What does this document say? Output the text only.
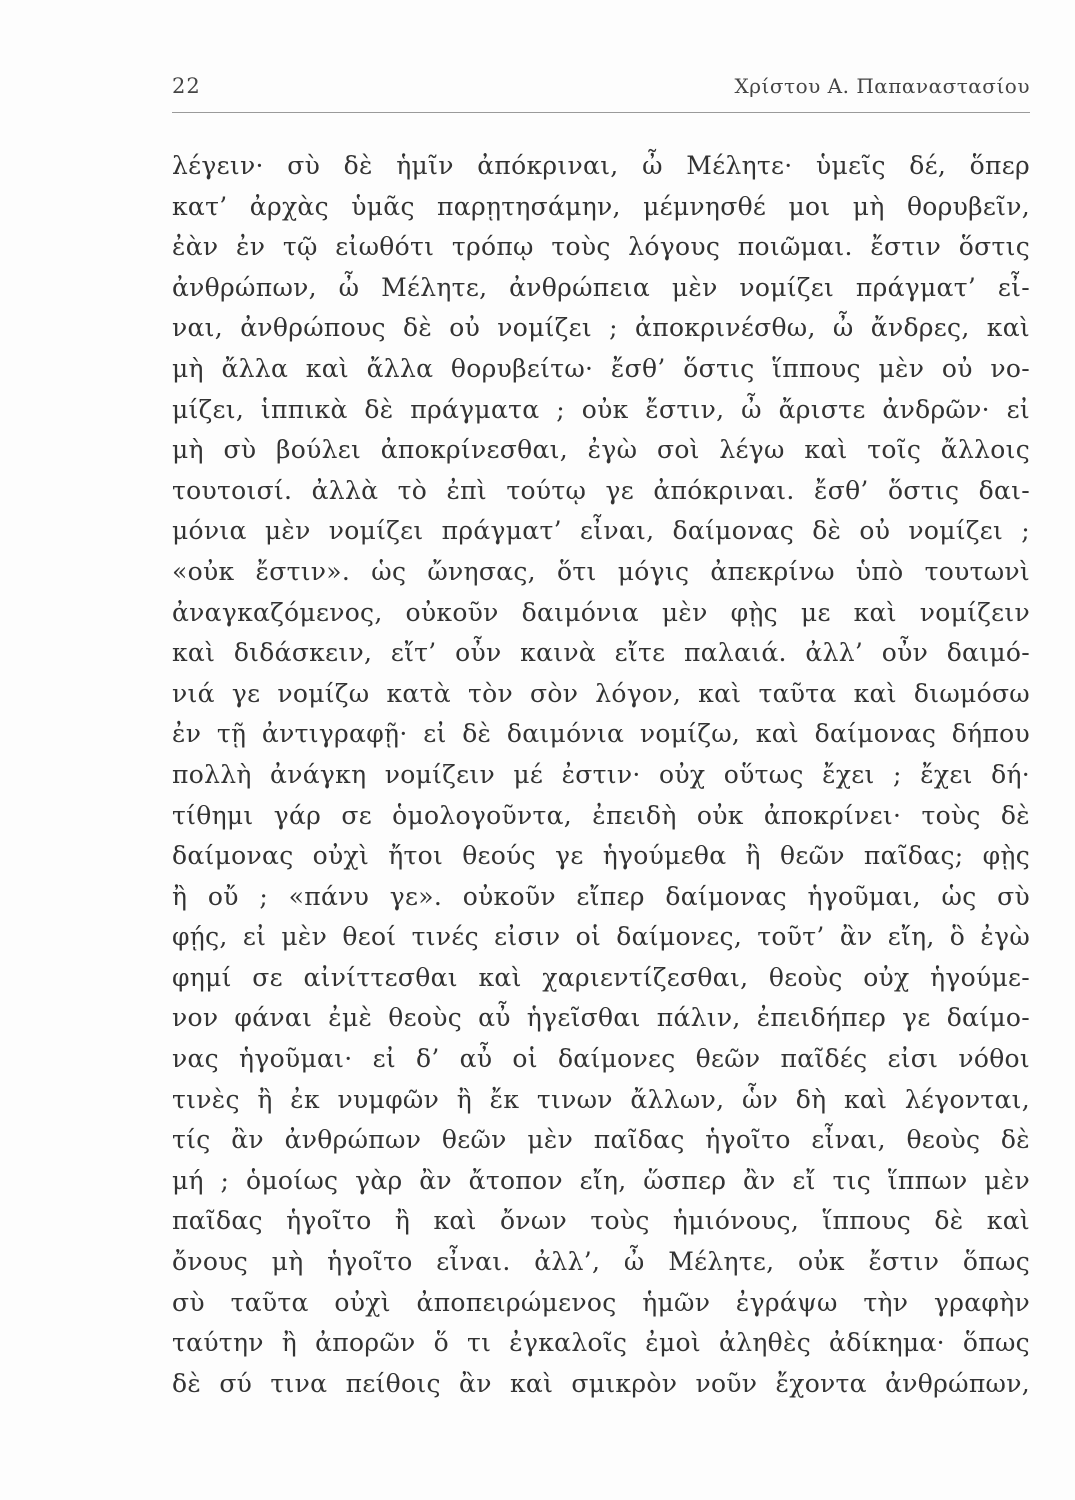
22	Χρίστου Α. Παπαναστασίου
λέγειν· σὺ δὲ ἡμῖν ἀπόκριναι, ὦ Μέλητε· ὑμεῖς δέ, ὅπερ
κατ’ ἀρχὰς ὑμᾶς παρῃτησάμην, μέμνησθέ μοι μὴ θορυβεῖν,
ἐὰν ἐν τῷ εἰωθότι τρόπῳ τοὺς λόγους ποιῶμαι. ἔστιν ὅστις
ἀνθρώπων, ὦ Μέλητε, ἀνθρώπεια μὲν νομίζει πράγματ’ εἶ-
ναι, ἀνθρώπους δὲ οὐ νομίζει ; ἀποκρινέσθω, ὦ ἄνδρες, καὶ
μὴ ἄλλα καὶ ἄλλα θορυβείτω· ἔσθ’ ὅστις ἵππους μὲν οὐ νο-
μίζει, ἱππικὰ δὲ πράγματα ; οὐκ ἔστιν, ὦ ἄριστε ἀνδρῶν· εἰ
μὴ σὺ βούλει ἀποκρίνεσθαι, ἐγὼ σοὶ λέγω καὶ τοῖς ἄλλοις
τουτοισί. ἀλλὰ τὸ ἐπὶ τούτῳ γε ἀπόκριναι. ἔσθ’ ὅστις δαι-
μόνια μὲν νομίζει πράγματ’ εἶναι, δαίμονας δὲ οὐ νομίζει ;
«οὐκ ἔστιν». ὡς ὤνησας, ὅτι μόγις ἀπεκρίνω ὑπὸ τουτωνὶ
ἀναγκαζόμενος, οὐκοῦν δαιμόνια μὲν φῂς με καὶ νομίζειν
καὶ διδάσκειν, εἴτ’ οὖν καινὰ εἴτε παλαιά. ἀλλ’ οὖν δαιμό-
νιά γε νομίζω κατὰ τὸν σὸν λόγον, καὶ ταῦτα καὶ διωμόσω
ἐν τῇ ἀντιγραφῇ· εἰ δὲ δαιμόνια νομίζω, καὶ δαίμονας δήπου
πολλὴ ἀνάγκη νομίζειν μέ ἐστιν· οὐχ οὕτως ἔχει ; ἔχει δή·
τίθημι γάρ σε ὁμολογοῦντα, ἐπειδὴ οὐκ ἀποκρίνει· τοὺς δὲ
δαίμονας οὐχὶ ἤτοι θεούς γε ἡγούμεθα ἢ θεῶν παῖδας; φῂς
ἢ οὔ ; «πάνυ γε». οὐκοῦν εἴπερ δαίμονας ἡγοῦμαι, ὡς σὺ
φῄς, εἰ μὲν θεοί τινές εἰσιν οἱ δαίμονες, τοῦτ’ ἂν εἴη, ὃ ἐγὼ
φημί σε αἰνίττεσθαι καὶ χαριεντίζεσθαι, θεοὺς οὐχ ἡγούμε-
νον φάναι ἐμὲ θεοὺς αὖ ἡγεῖσθαι πάλιν, ἐπειδήπερ γε δαίμο-
νας ἡγοῦμαι· εἰ δ’ αὖ οἱ δαίμονες θεῶν παῖδές εἰσι νόθοι
τινὲς ἢ ἐκ νυμφῶν ἢ ἔκ τινων ἄλλων, ὧν δὴ καὶ λέγονται,
τίς ἂν ἀνθρώπων θεῶν μὲν παῖδας ἡγοῖτο εἶναι, θεοὺς δὲ
μή ; ὁμοίως γὰρ ἂν ἄτοπον εἴη, ὥσπερ ἂν εἴ τις ἵππων μὲν
παῖδας ἡγοῖτο ἢ καὶ ὄνων τοὺς ἡμιόνους, ἵππους δὲ καὶ
ὄνους μὴ ἡγοῖτο εἶναι. ἀλλ’, ὦ Μέλητε, οὐκ ἔστιν ὅπως
σὺ ταῦτα οὐχὶ ἀποπειρώμενος ἡμῶν ἐγράψω τὴν γραφὴν
ταύτην ἢ ἀπορῶν ὅ τι ἐγκαλοῖς ἐμοὶ ἀληθὲς ἀδίκημα· ὅπως
δὲ σύ τινα πείθοις ἂν καὶ σμικρὸν νοῦν ἔχοντα ἀνθρώπων,
